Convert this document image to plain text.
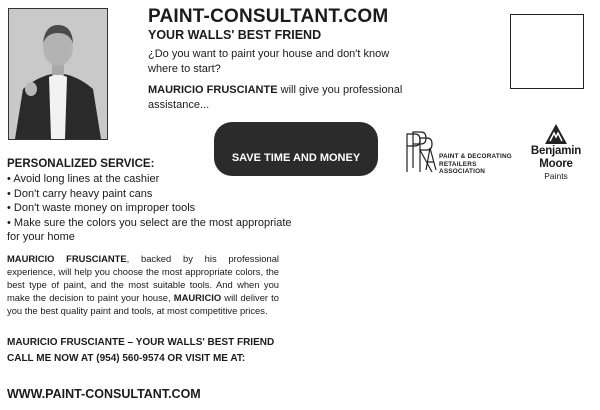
PAINT-CONSULTANT.COM
YOUR WALLS' BEST FRIEND
¿Do you want to paint your house and don't know where to start?
MAURICIO FRUSCIANTE will give you professional assistance...
SAVE TIME AND MONEY	PAINT & DECORATING
RETAILERS
ASSOCIATION
Benjamin
Moore
Paints
PERSONALIZED SERVICE:
• Avoid long lines at the cashier
• Don't carry heavy paint cans
• Don't waste money on improper tools
• Make sure the colors you select are the most appropriate for your home
MAURICIO FRUSCIANTE, backed by his professional experience, will help you choose the most appropriate colors, the best type of paint, and the most suitable tools. And when you make the decision to paint your house, MAURICIO will deliver to you the best quality paint and tools, at most competitive prices.
MAURICIO FRUSCIANTE – YOUR WALLS' BEST FRIEND
CALL ME NOW AT (954) 560-9574 OR VISIT ME AT:
WWW.PAINT-CONSULTANT.COM
